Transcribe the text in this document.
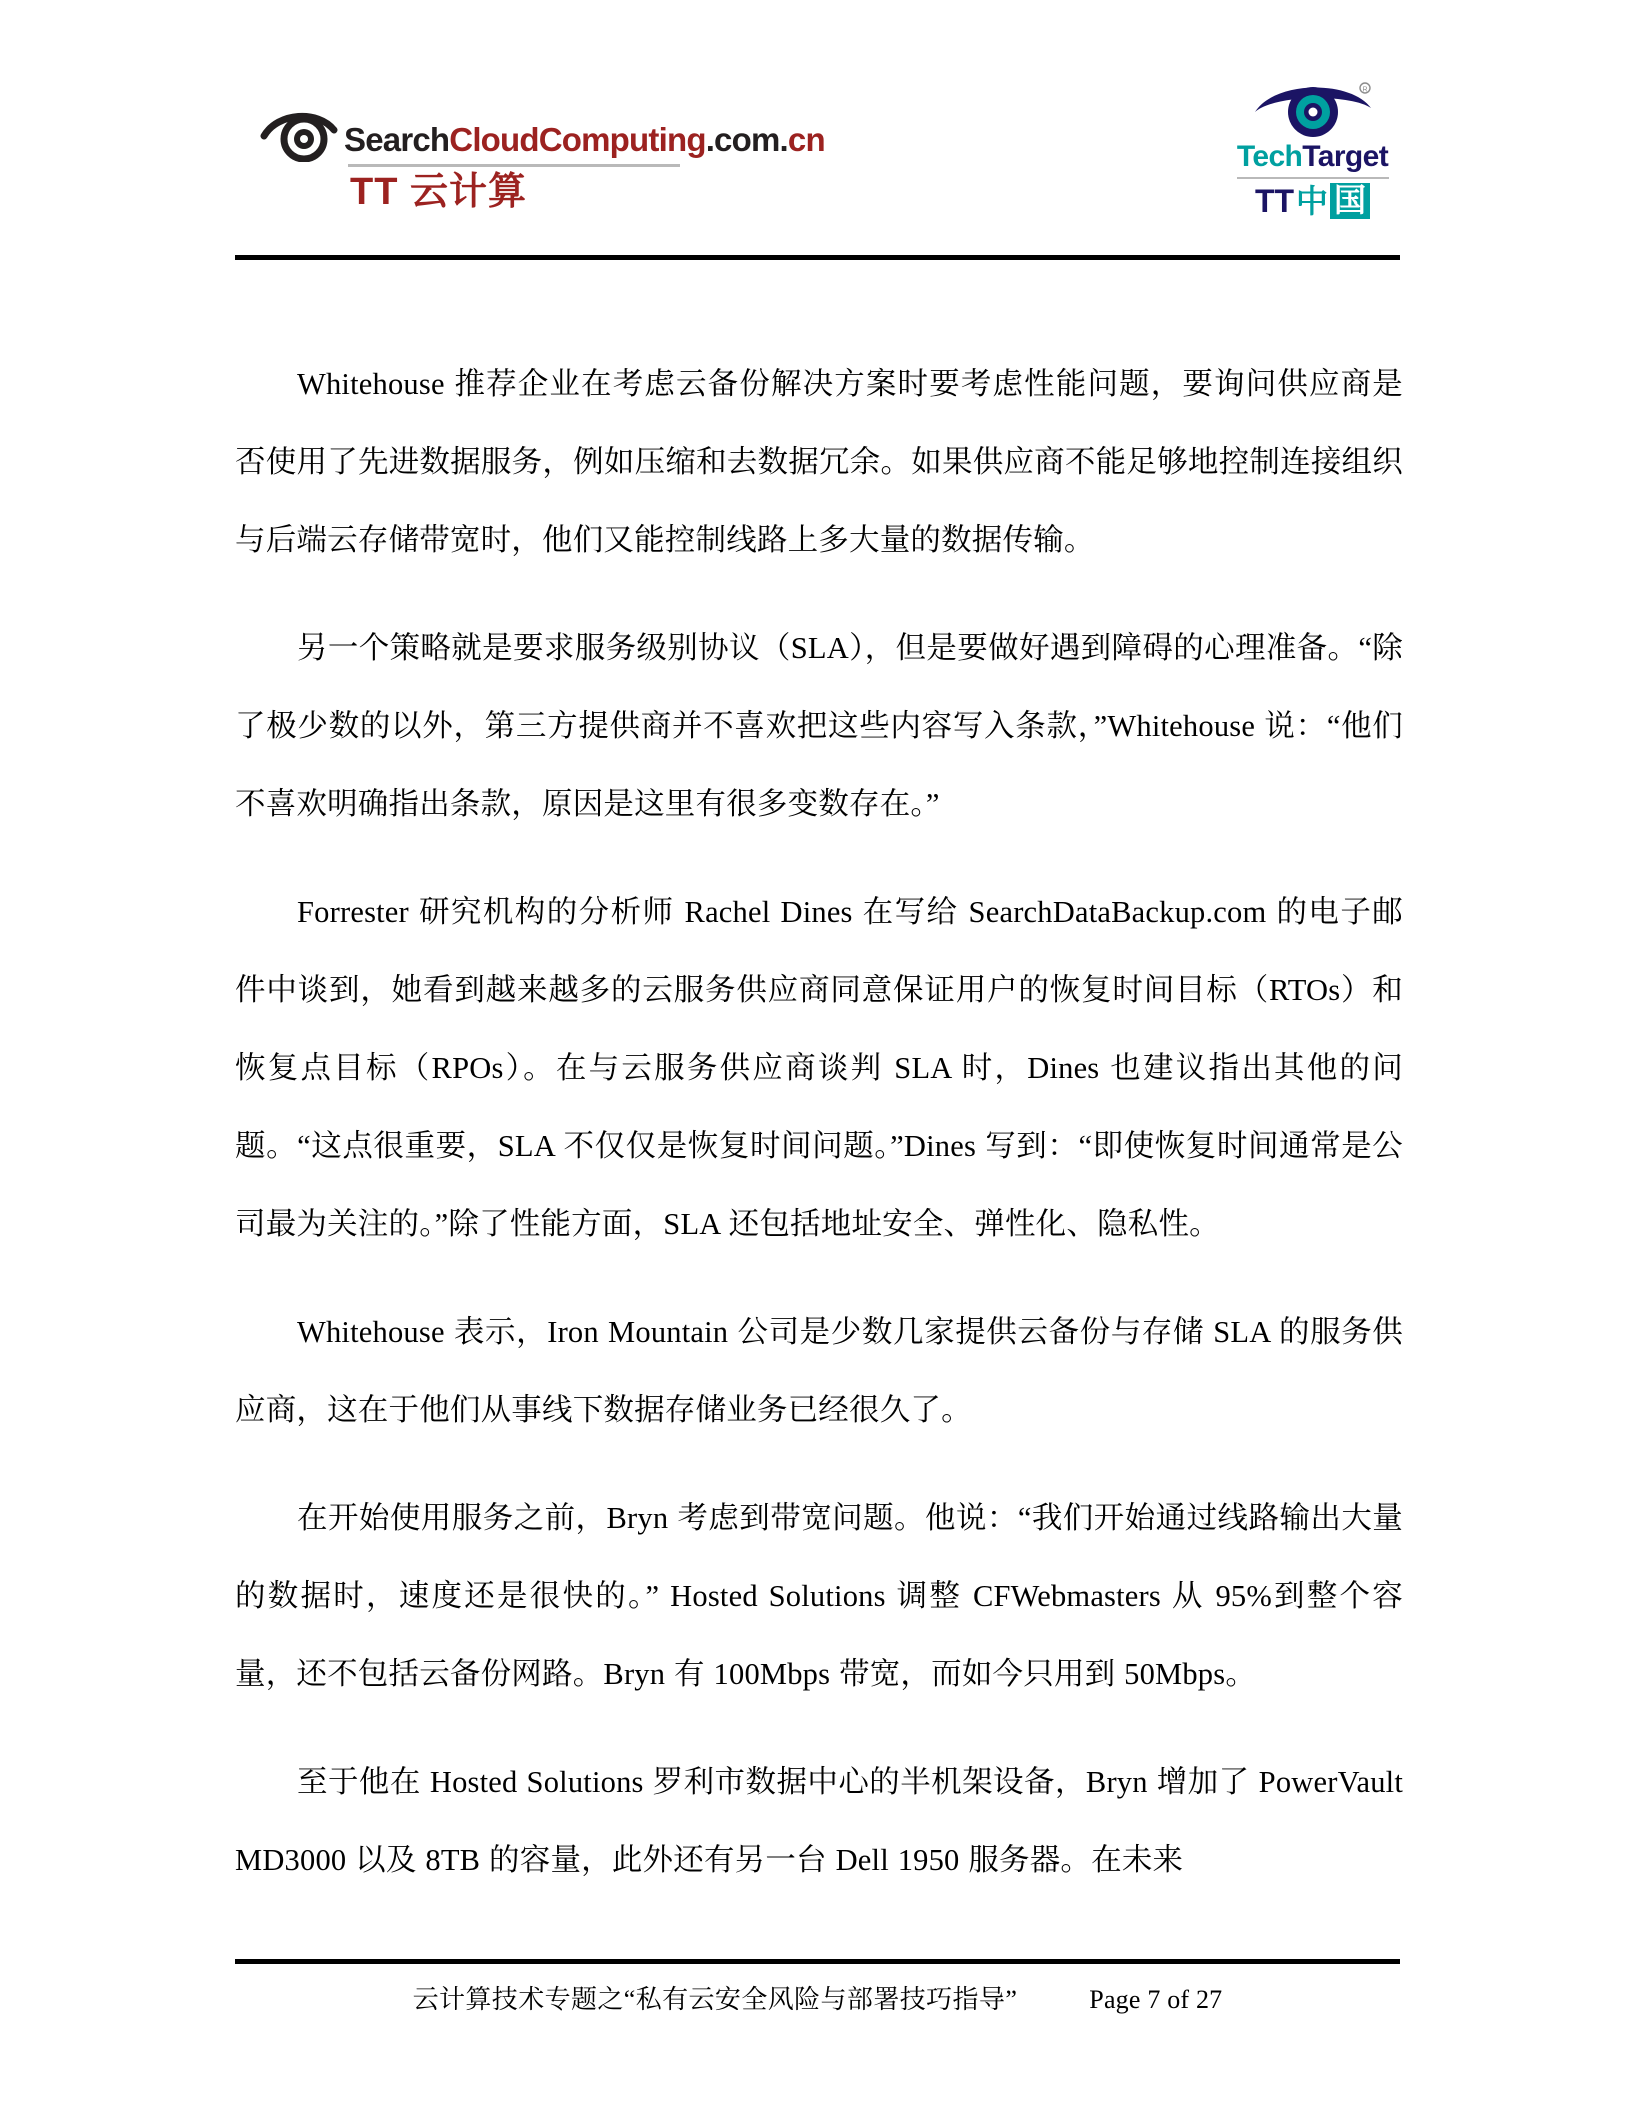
SearchCloudComputing.com.cn
TT 云计算
R
TechTarget
TT 中 国

Whitehouse 推荐企业在考虑云备份解决方案时要考虑性能问题，要询问供应商是否使用了先进数据服务，例如压缩和去数据冗余。如果供应商不能足够地控制连接组织与后端云存储带宽时，他们又能控制线路上多大量的数据传输。

另一个策略就是要求服务级别协议（SLA），但是要做好遇到障碍的心理准备。“除了极少数的以外，第三方提供商并不喜欢把这些内容写入条款，”Whitehouse 说：“他们不喜欢明确指出条款，原因是这里有很多变数存在。”

Forrester 研究机构的分析师 Rachel Dines 在写给 SearchDataBackup.com 的电子邮件中谈到，她看到越来越多的云服务供应商同意保证用户的恢复时间目标（RTOs）和恢复点目标（RPOs）。在与云服务供应商谈判 SLA 时，Dines 也建议指出其他的问题。“这点很重要，SLA 不仅仅是恢复时间问题。”Dines 写到：“即使恢复时间通常是公司最为关注的。”除了性能方面，SLA 还包括地址安全、弹性化、隐私性。

Whitehouse 表示，Iron Mountain 公司是少数几家提供云备份与存储 SLA 的服务供应商，这在于他们从事线下数据存储业务已经很久了。

在开始使用服务之前，Bryn 考虑到带宽问题。他说：“我们开始通过线路输出大量的数据时，速度还是很快的。” Hosted Solutions 调整 CFWebmasters 从 95%到整个容量，还不包括云备份网路。Bryn 有 100Mbps 带宽，而如今只用到 50Mbps。

至于他在 Hosted Solutions 罗利市数据中心的半机架设备，Bryn 增加了 PowerVault MD3000 以及 8TB 的容量，此外还有另一台 Dell 1950 服务器。在未来

云计算技术专题之“私有云安全风险与部署技巧指导”	Page 7 of 27
